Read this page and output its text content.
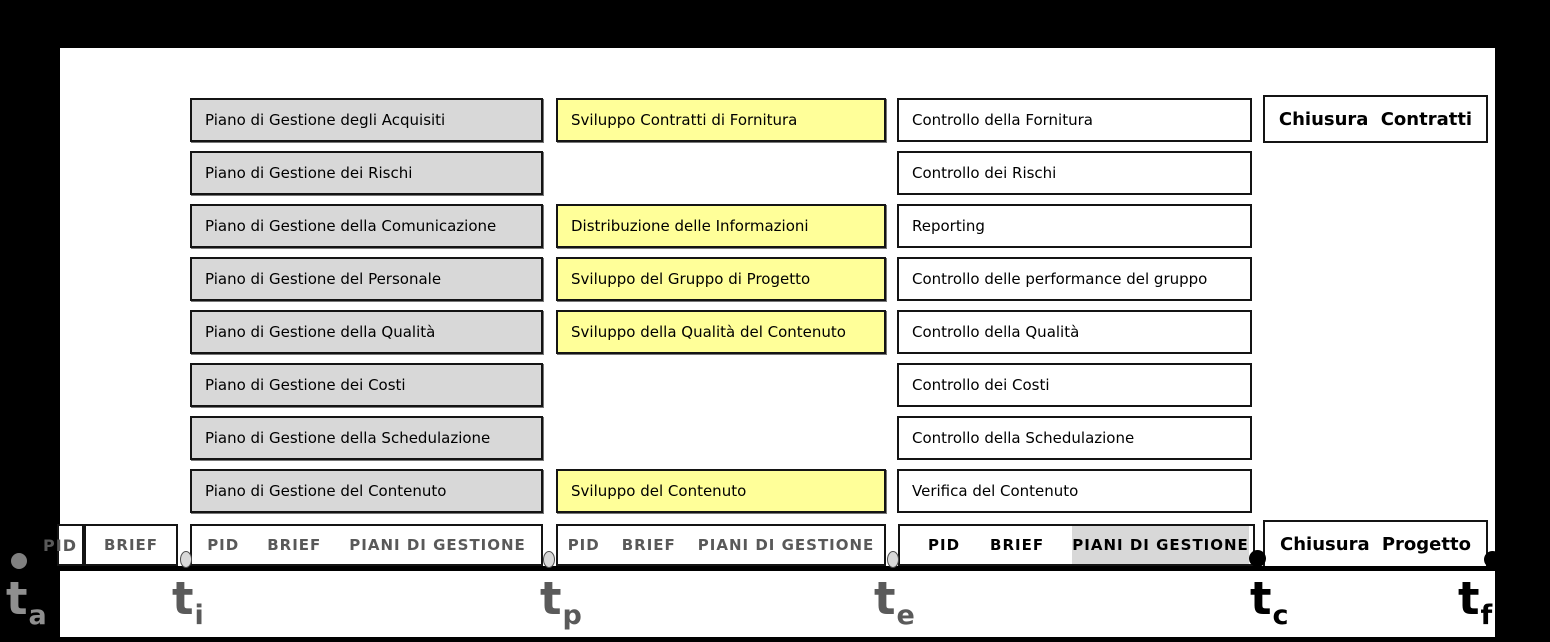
Piano di Gestione degli Acquisiti
Piano di Gestione dei Rischi
Piano di Gestione della Comunicazione
Piano di Gestione del Personale
Piano di Gestione della Qualità
Piano di Gestione dei Costi
Piano di Gestione della Schedulazione
Piano di Gestione del Contenuto
Sviluppo Contratti di Fornitura
Distribuzione delle Informazioni
Sviluppo del Gruppo di Progetto
Sviluppo della Qualità del Contenuto
Sviluppo del Contenuto
Controllo della Fornitura
Controllo dei Rischi
Reporting
Controllo delle performance del gruppo
Controllo della Qualità
Controllo dei Costi
Controllo della Schedulazione
Verifica del Contenuto
Chiusura Contratti
Chiusura Progetto
PID	BRIEF	PID BRIEF PIANI DI GESTIONE	PID BRIEF PIANI DI GESTIONE	PID BRIEF PIANI DI GESTIONE
ta	ti	tp	te	tc	tf
